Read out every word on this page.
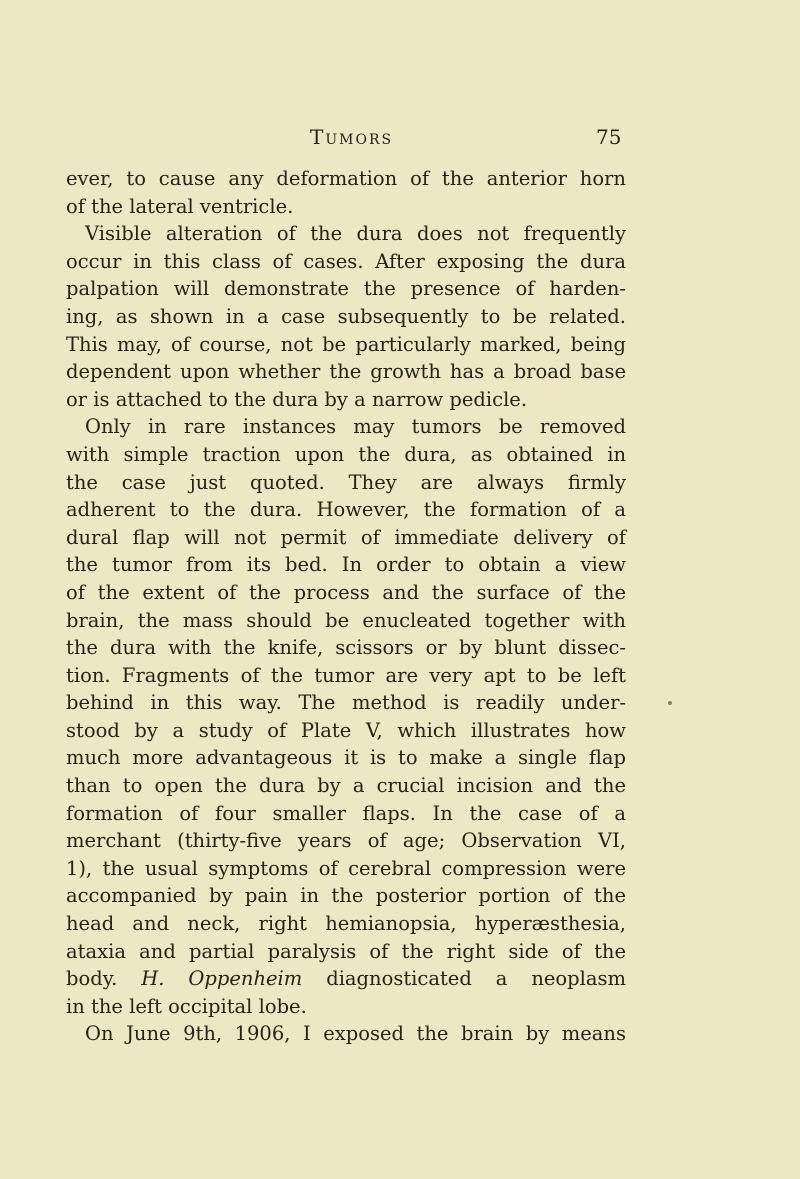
Tumors	75
ever, to cause any deformation of the anterior horn
of the lateral ventricle.
Visible alteration of the dura does not frequently
occur in this class of cases. After exposing the dura
palpation will demonstrate the presence of harden-
ing, as shown in a case subsequently to be related.
This may, of course, not be particularly marked, being
dependent upon whether the growth has a broad base
or is attached to the dura by a narrow pedicle.
Only in rare instances may tumors be removed
with simple traction upon the dura, as obtained in
the case just quoted. They are always firmly
adherent to the dura. However, the formation of a
dural flap will not permit of immediate delivery of
the tumor from its bed. In order to obtain a view
of the extent of the process and the surface of the
brain, the mass should be enucleated together with
the dura with the knife, scissors or by blunt dissec-
tion. Fragments of the tumor are very apt to be left
behind in this way. The method is readily under-
stood by a study of Plate V, which illustrates how
much more advantageous it is to make a single flap
than to open the dura by a crucial incision and the
formation of four smaller flaps. In the case of a
merchant (thirty-five years of age; Observation VI,
1), the usual symptoms of cerebral compression were
accompanied by pain in the posterior portion of the
head and neck, right hemianopsia, hyperæsthesia,
ataxia and partial paralysis of the right side of the
body. H. Oppenheim diagnosticated a neoplasm
in the left occipital lobe.
On June 9th, 1906, I exposed the brain by means
